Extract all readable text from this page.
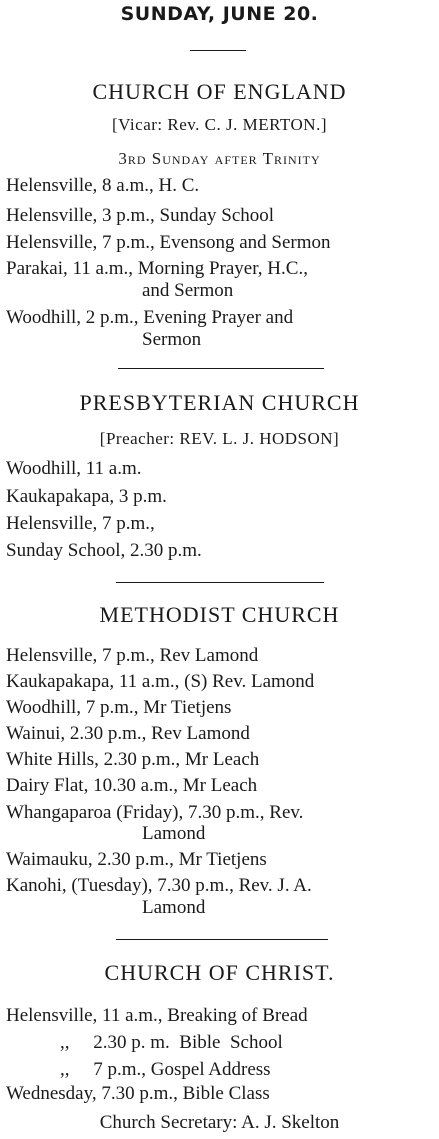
SUNDAY, JUNE 20.
CHURCH OF ENGLAND
[Vicar: Rev. C. J. MERTON.]
3rd Sunday after Trinity
Helensville, 8 a.m., H. C.
Helensville, 3 p.m., Sunday School
Helensville, 7 p.m., Evensong and Sermon
Parakai, 11 a.m., Morning Prayer, H.C.,
and Sermon
Woodhill, 2 p.m., Evening Prayer and
Sermon
PRESBYTERIAN CHURCH
[Preacher: REV. L. J. HODSON]
Woodhill, 11 a.m.
Kaukapakapa, 3 p.m.
Helensville, 7 p.m.,
Sunday School, 2.30 p.m.
METHODIST CHURCH
Helensville, 7 p.m., Rev Lamond
Kaukapakapa, 11 a.m., (S) Rev. Lamond
Woodhill, 7 p.m., Mr Tietjens
Wainui, 2.30 p.m., Rev Lamond
White Hills, 2.30 p.m., Mr Leach
Dairy Flat, 10.30 a.m., Mr Leach
Whangaparoa (Friday), 7.30 p.m., Rev.
Lamond
Waimauku, 2.30 p.m., Mr Tietjens
Kanohi, (Tuesday), 7.30 p.m., Rev. J. A.
Lamond
CHURCH OF CHRIST.
Helensville, 11 a.m., Breaking of Bread
,,     2.30 p. m.  Bible  School
,,     7 p.m., Gospel Address
Wednesday, 7.30 p.m., Bible Class
Church Secretary: A. J. Skelton
